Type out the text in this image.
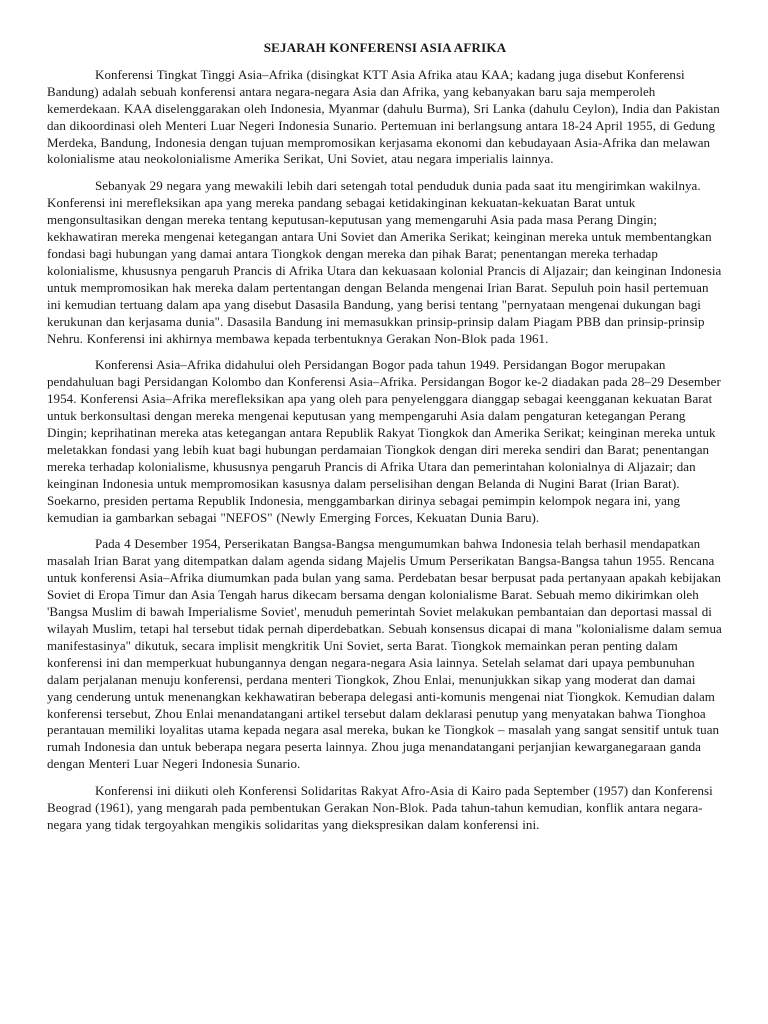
SEJARAH KONFERENSI ASIA AFRIKA

Konferensi Tingkat Tinggi Asia–Afrika (disingkat KTT Asia Afrika atau KAA; kadang juga disebut Konferensi Bandung) adalah sebuah konferensi antara negara-negara Asia dan Afrika, yang kebanyakan baru saja memperoleh kemerdekaan. KAA diselenggarakan oleh Indonesia, Myanmar (dahulu Burma), Sri Lanka (dahulu Ceylon), India dan Pakistan dan dikoordinasi oleh Menteri Luar Negeri Indonesia Sunario. Pertemuan ini berlangsung antara 18-24 April 1955, di Gedung Merdeka, Bandung, Indonesia dengan tujuan mempromosikan kerjasama ekonomi dan kebudayaan Asia-Afrika dan melawan kolonialisme atau neokolonialisme Amerika Serikat, Uni Soviet, atau negara imperialis lainnya.

Sebanyak 29 negara yang mewakili lebih dari setengah total penduduk dunia pada saat itu mengirimkan wakilnya. Konferensi ini merefleksikan apa yang mereka pandang sebagai ketidakinginan kekuatan-kekuatan Barat untuk mengonsultasikan dengan mereka tentang keputusan-keputusan yang memengaruhi Asia pada masa Perang Dingin; kekhawatiran mereka mengenai ketegangan antara Uni Soviet dan Amerika Serikat; keinginan mereka untuk membentangkan fondasi bagi hubungan yang damai antara Tiongkok dengan mereka dan pihak Barat; penentangan mereka terhadap kolonialisme, khususnya pengaruh Prancis di Afrika Utara dan kekuasaan kolonial Prancis di Aljazair; dan keinginan Indonesia untuk mempromosikan hak mereka dalam pertentangan dengan Belanda mengenai Irian Barat. Sepuluh poin hasil pertemuan ini kemudian tertuang dalam apa yang disebut Dasasila Bandung, yang berisi tentang "pernyataan mengenai dukungan bagi kerukunan dan kerjasama dunia". Dasasila Bandung ini memasukkan prinsip-prinsip dalam Piagam PBB dan prinsip-prinsip Nehru. Konferensi ini akhirnya membawa kepada terbentuknya Gerakan Non-Blok pada 1961.

Konferensi Asia–Afrika didahului oleh Persidangan Bogor pada tahun 1949. Persidangan Bogor merupakan pendahuluan bagi Persidangan Kolombo dan Konferensi Asia–Afrika. Persidangan Bogor ke-2 diadakan pada 28–29 Desember 1954. Konferensi Asia–Afrika merefleksikan apa yang oleh para penyelenggara dianggap sebagai keengganan kekuatan Barat untuk berkonsultasi dengan mereka mengenai keputusan yang mempengaruhi Asia dalam pengaturan ketegangan Perang Dingin; keprihatinan mereka atas ketegangan antara Republik Rakyat Tiongkok dan Amerika Serikat; keinginan mereka untuk meletakkan fondasi yang lebih kuat bagi hubungan perdamaian Tiongkok dengan diri mereka sendiri dan Barat; penentangan mereka terhadap kolonialisme, khususnya pengaruh Prancis di Afrika Utara dan pemerintahan kolonialnya di Aljazair; dan keinginan Indonesia untuk mempromosikan kasusnya dalam perselisihan dengan Belanda di Nugini Barat (Irian Barat). Soekarno, presiden pertama Republik Indonesia, menggambarkan dirinya sebagai pemimpin kelompok negara ini, yang kemudian ia gambarkan sebagai "NEFOS" (Newly Emerging Forces, Kekuatan Dunia Baru).

Pada 4 Desember 1954, Perserikatan Bangsa-Bangsa mengumumkan bahwa Indonesia telah berhasil mendapatkan masalah Irian Barat yang ditempatkan dalam agenda sidang Majelis Umum Perserikatan Bangsa-Bangsa tahun 1955. Rencana untuk konferensi Asia–Afrika diumumkan pada bulan yang sama. Perdebatan besar berpusat pada pertanyaan apakah kebijakan Soviet di Eropa Timur dan Asia Tengah harus dikecam bersama dengan kolonialisme Barat. Sebuah memo dikirimkan oleh 'Bangsa Muslim di bawah Imperialisme Soviet', menuduh pemerintah Soviet melakukan pembantaian dan deportasi massal di wilayah Muslim, tetapi hal tersebut tidak pernah diperdebatkan. Sebuah konsensus dicapai di mana "kolonialisme dalam semua manifestasinya" dikutuk, secara implisit mengkritik Uni Soviet, serta Barat. Tiongkok memainkan peran penting dalam konferensi ini dan memperkuat hubungannya dengan negara-negara Asia lainnya. Setelah selamat dari upaya pembunuhan dalam perjalanan menuju konferensi, perdana menteri Tiongkok, Zhou Enlai, menunjukkan sikap yang moderat dan damai yang cenderung untuk menenangkan kekhawatiran beberapa delegasi anti-komunis mengenai niat Tiongkok. Kemudian dalam konferensi tersebut, Zhou Enlai menandatangani artikel tersebut dalam deklarasi penutup yang menyatakan bahwa Tionghoa perantauan memiliki loyalitas utama kepada negara asal mereka, bukan ke Tiongkok – masalah yang sangat sensitif untuk tuan rumah Indonesia dan untuk beberapa negara peserta lainnya. Zhou juga menandatangani perjanjian kewarganegaraan ganda dengan Menteri Luar Negeri Indonesia Sunario.

Konferensi ini diikuti oleh Konferensi Solidaritas Rakyat Afro-Asia di Kairo pada September (1957) dan Konferensi Beograd (1961), yang mengarah pada pembentukan Gerakan Non-Blok. Pada tahun-tahun kemudian, konflik antara negara-negara yang tidak tergoyahkan mengikis solidaritas yang diekspresikan dalam konferensi ini.
